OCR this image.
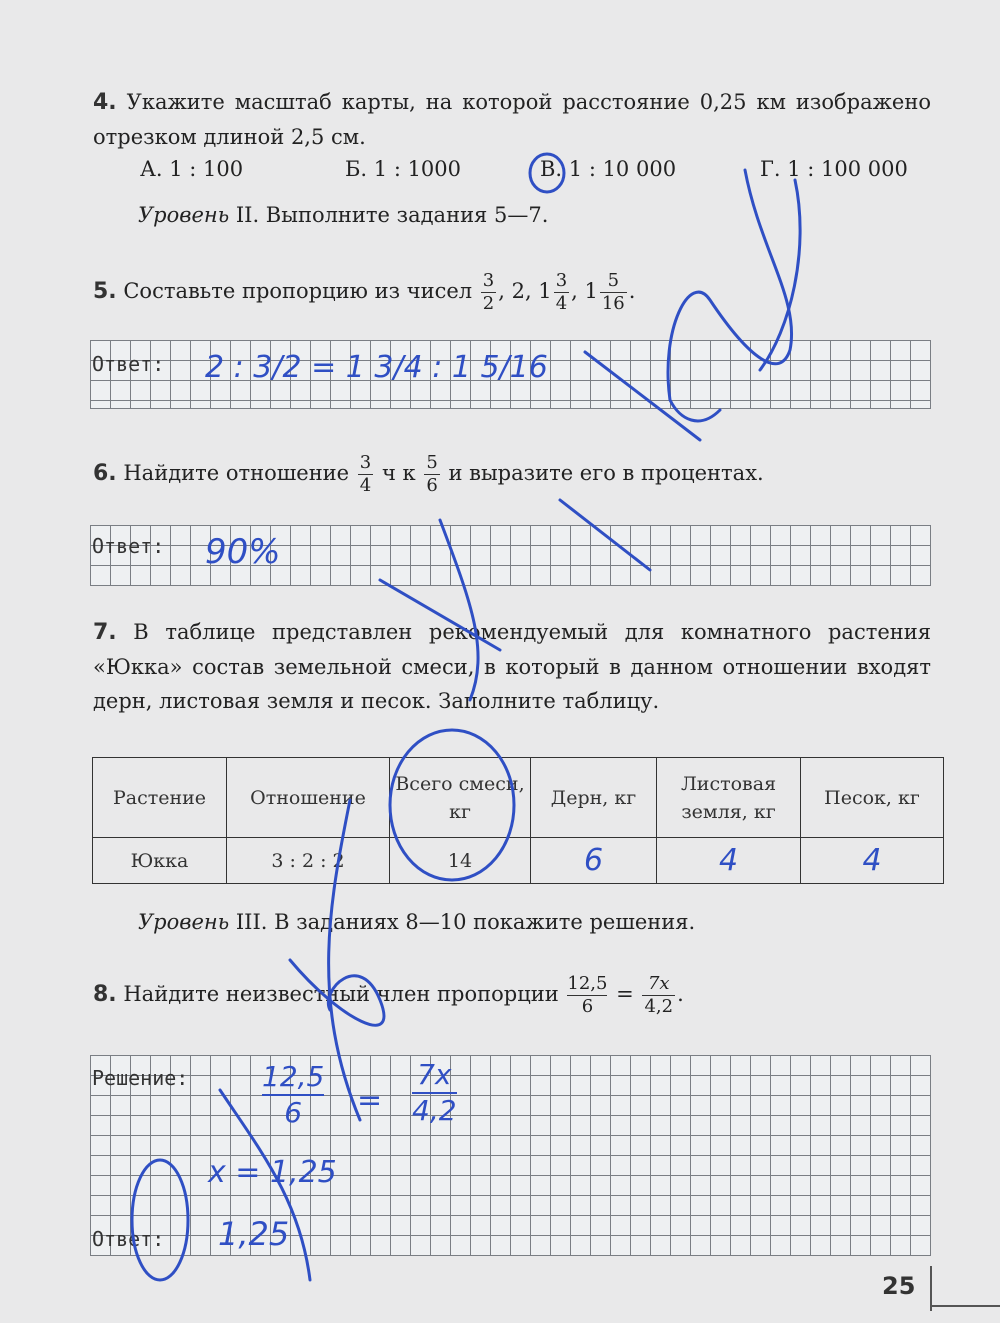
4. Укажите масштаб карты, на которой расстояние 0,25 км изображено отрезком длиной 2,5 см.
А. 1 : 100	Б. 1 : 1000	В. 1 : 10 000	Г. 1 : 100 000
Уровень II. Выполните задания 5—7.
5. Составьте пропорцию из чисел $\frac{3}{2}$ , 2, $1 \frac{3}{4}$ , $1 \frac{5}{16}$ .
Ответ: 2 : 3/2 = 1 3/4 : 1 5/16
6. Найдите отношение $\frac{3}{4}$ ч к $\frac{5}{6}$ и выразите его в процентах.
Ответ: 90%
7. В таблице представлен рекомендуемый для комнатного растения «Юкка» состав земельной смеси, в который в данном отношении входят дерн, листовая земля и песок. Заполните таблицу.
Растение	Отношение	Всего смеси, кг	Дерн, кг	Листовая земля, кг	Песок, кг
Юкка	3 : 2 : 2	14	6	4	4
Уровень III. В заданиях 8—10 покажите решения.
8. Найдите неизвестный член пропорции $\frac{12,5}{6} = \frac{7x}{4,2}$ .
Решение:
Ответ:
$\frac{12,5}{6} = \frac{7x}{4,2}$
x = 1,25
1,25
25
